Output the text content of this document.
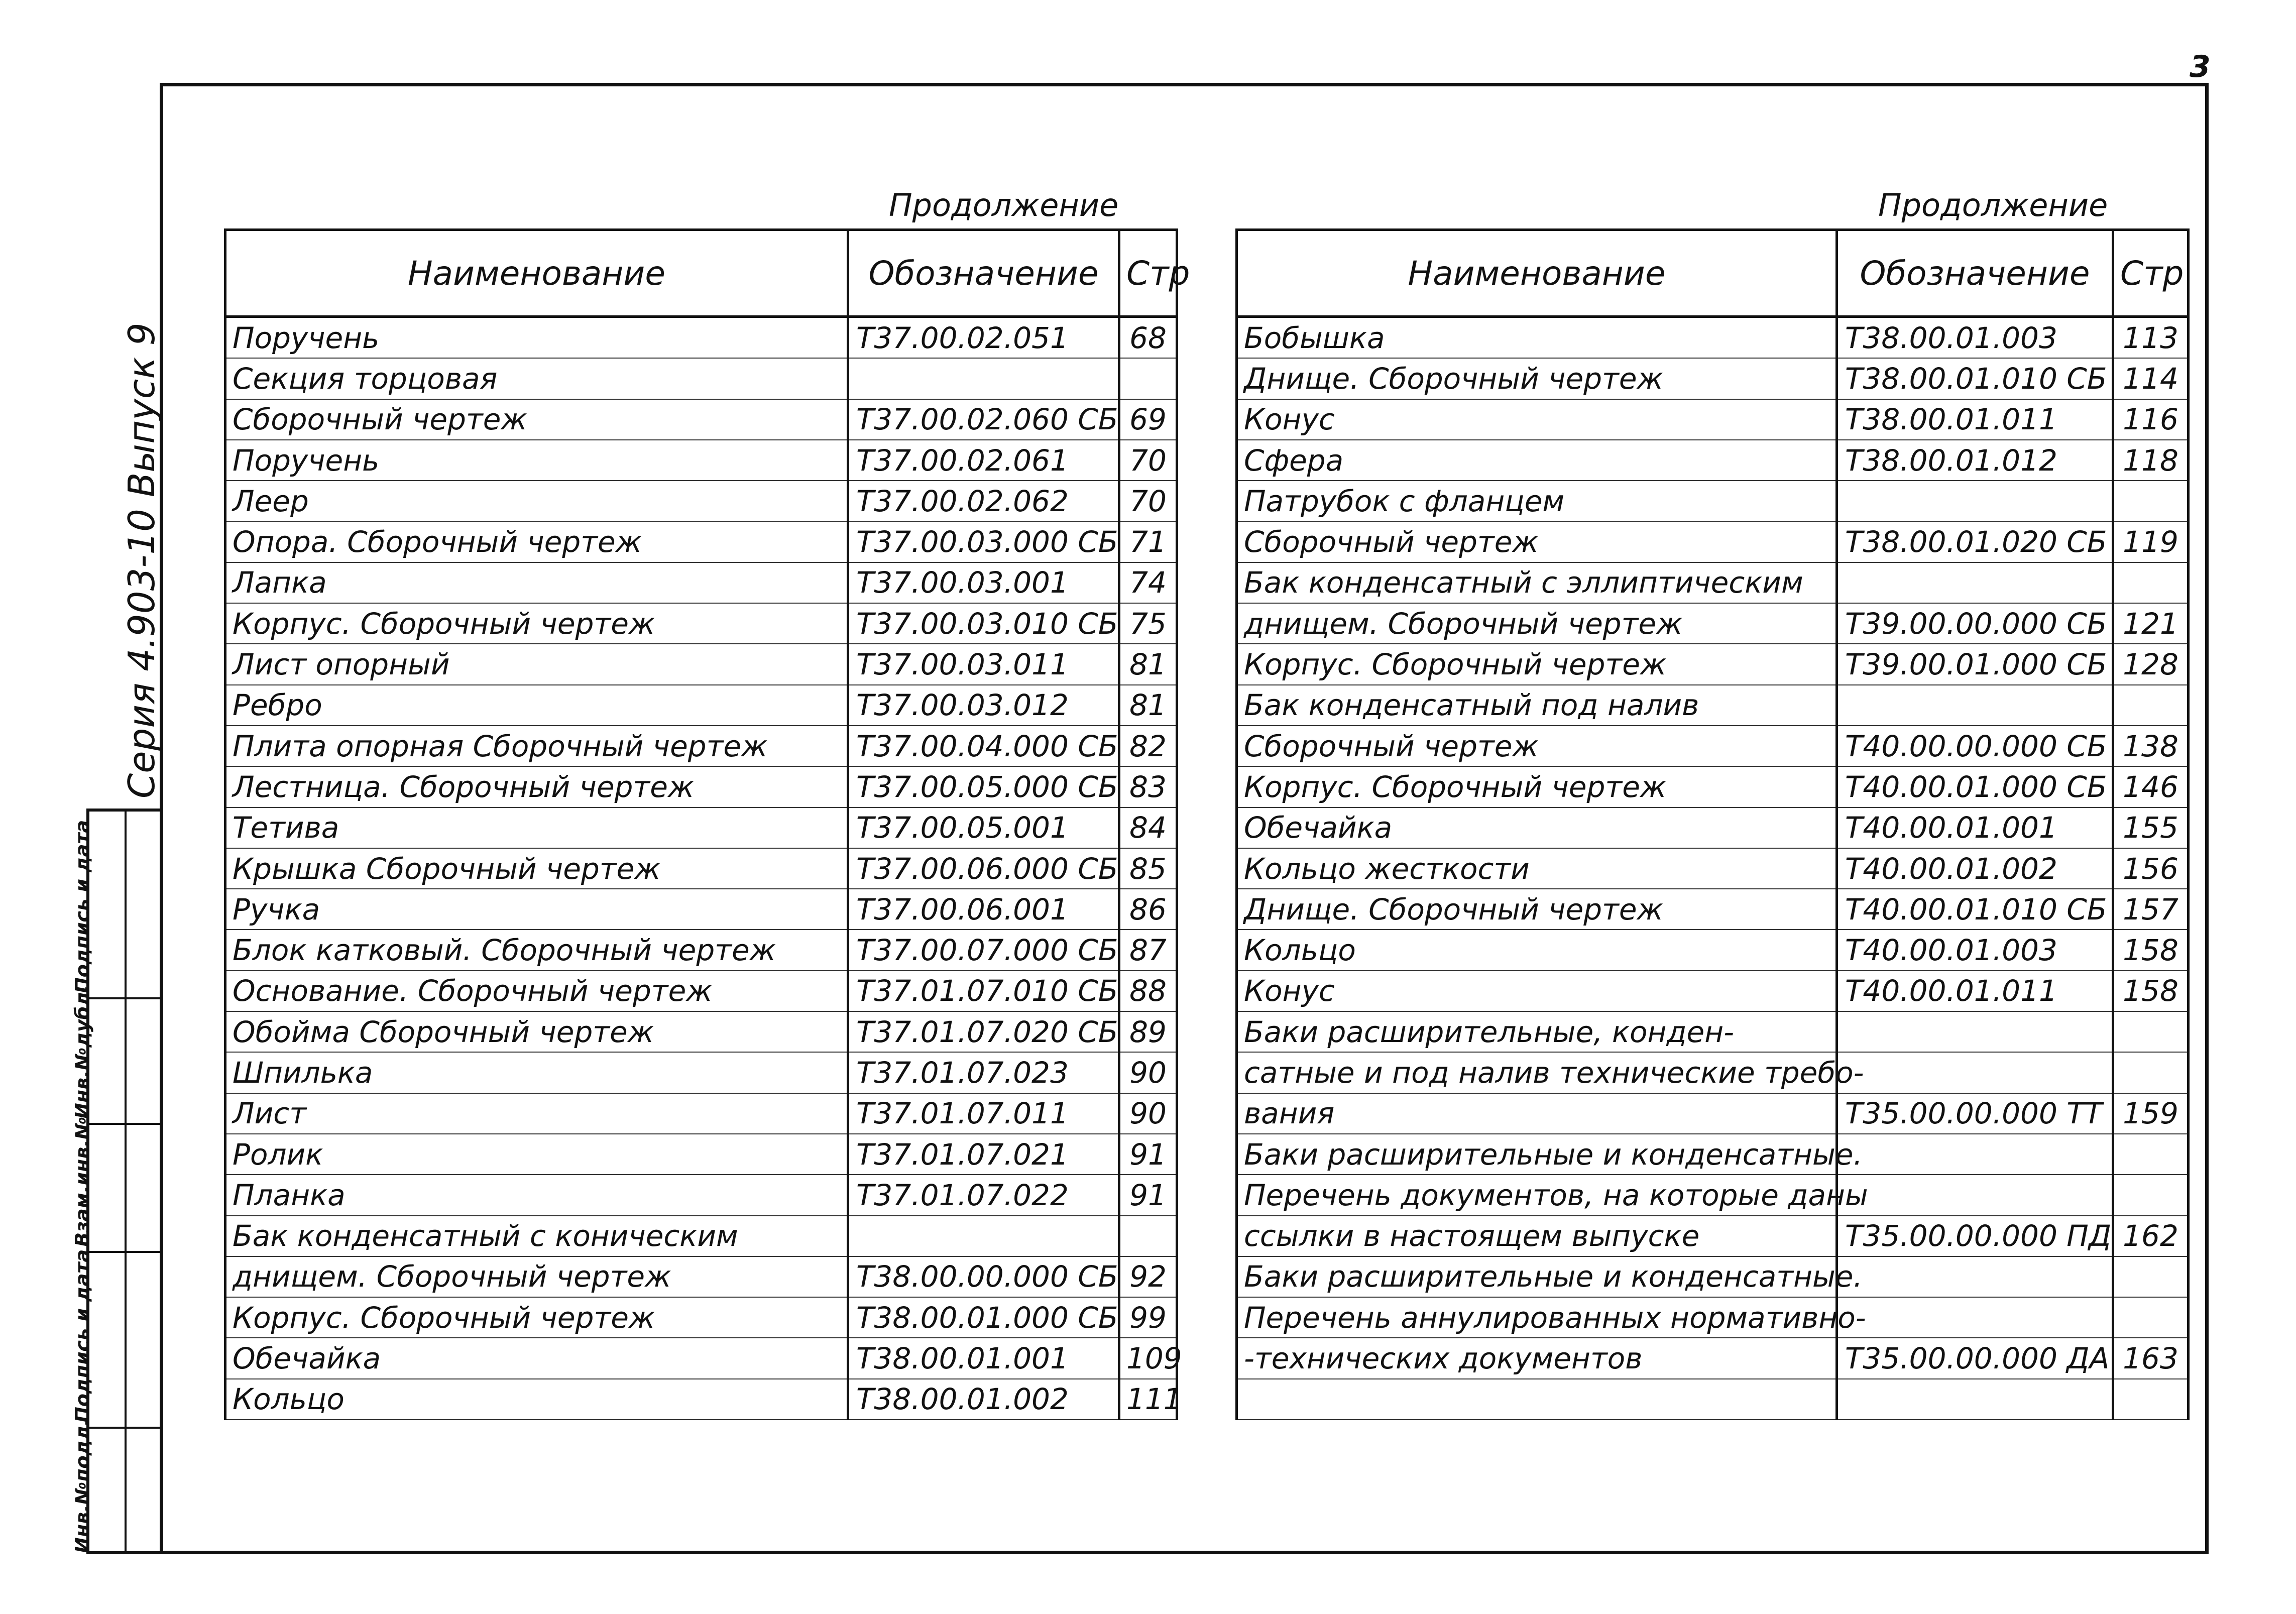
3
Серия 4.903-10 Выпуск 9
Инв.№подл.
Подпись и дата
Взам.инв.№
Инв.№дубл.
Подпись и дата
Продолжение	Продолжение
Наименование	Обозначение	Стр
Поручень	Т37.00.02.051	68
Секция торцовая		
Сборочный чертеж	Т37.00.02.060 СБ	69
Поручень	Т37.00.02.061	70
Леер	Т37.00.02.062	70
Опора. Сборочный чертеж	Т37.00.03.000 СБ	71
Лапка	Т37.00.03.001	74
Корпус. Сборочный чертеж	Т37.00.03.010 СБ	75
Лист опорный	Т37.00.03.011	81
Ребро	Т37.00.03.012	81
Плита опорная Сборочный чертеж	Т37.00.04.000 СБ	82
Лестница. Сборочный чертеж	Т37.00.05.000 СБ	83
Тетива	Т37.00.05.001	84
Крышка Сборочный чертеж	Т37.00.06.000 СБ	85
Ручка	Т37.00.06.001	86
Блок катковый. Сборочный чертеж	Т37.00.07.000 СБ	87
Основание. Сборочный чертеж	Т37.01.07.010 СБ	88
Обойма Сборочный чертеж	Т37.01.07.020 СБ	89
Шпилька	Т37.01.07.023	90
Лист	Т37.01.07.011	90
Ролик	Т37.01.07.021	91
Планка	Т37.01.07.022	91
Бак конденсатный с коническим		
днищем. Сборочный чертеж	Т38.00.00.000 СБ	92
Корпус. Сборочный чертеж	Т38.00.01.000 СБ	99
Обечайка	Т38.00.01.001	109
Кольцо	Т38.00.01.002	111
Наименование	Обозначение	Стр
Бобышка	Т38.00.01.003	113
Днище. Сборочный чертеж	Т38.00.01.010 СБ	114
Конус	Т38.00.01.011	116
Сфера	Т38.00.01.012	118
Патрубок с фланцем		
Сборочный чертеж	Т38.00.01.020 СБ	119
Бак конденсатный с эллиптическим		
днищем. Сборочный чертеж	Т39.00.00.000 СБ	121
Корпус. Сборочный чертеж	Т39.00.01.000 СБ	128
Бак конденсатный под налив		
Сборочный чертеж	Т40.00.00.000 СБ	138
Корпус. Сборочный чертеж	Т40.00.01.000 СБ	146
Обечайка	Т40.00.01.001	155
Кольцо жесткости	Т40.00.01.002	156
Днище. Сборочный чертеж	Т40.00.01.010 СБ	157
Кольцо	Т40.00.01.003	158
Конус	Т40.00.01.011	158
Баки расширительные, конден-		
сатные и под налив технические требо-		
вания	Т35.00.00.000 ТТ	159
Баки расширительные и конденсатные.		
Перечень документов, на которые даны		
ссылки в настоящем выпуске	Т35.00.00.000 ПД	162
Баки расширительные и конденсатные.		
Перечень аннулированных нормативно-		
-технических документов	Т35.00.00.000 ДА	163
